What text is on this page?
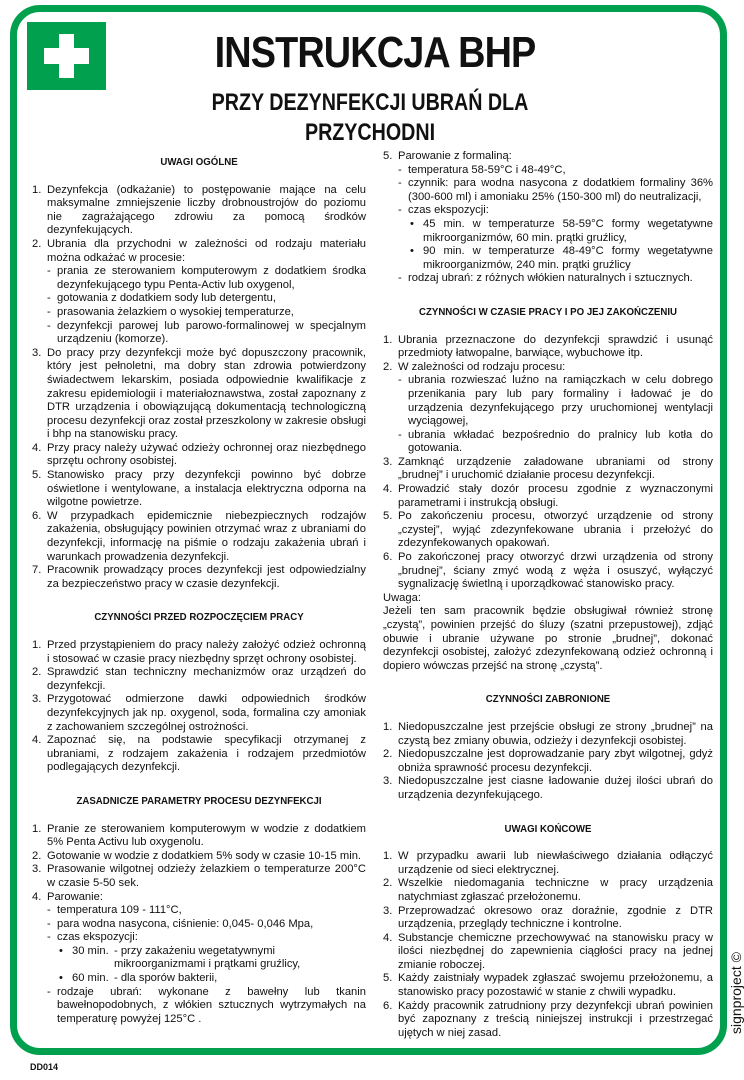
INSTRUKCJA BHP
PRZY DEZYNFEKCJI UBRAŃ DLA PRZYCHODNI
UWAGI OGÓLNE
1. Dezynfekcja (odkażanie) to postępowanie mające na celu maksymalne zmniejszenie liczby drobnoustrojów do poziomu nie zagrażającego zdrowiu za pomocą środków dezynfekujących.
2. Ubrania dla przychodni w zależności od rodzaju materiału można odkażać w procesie:
- prania ze sterowaniem komputerowym z dodatkiem środka dezynfekującego typu Penta-Activ lub oxygenol,
- gotowania z dodatkiem sody lub detergentu,
- prasowania żelazkiem o wysokiej temperaturze,
- dezynfekcji parowej lub parowo-formalinowej w specjalnym urządzeniu (komorze).
3. Do pracy przy dezynfekcji może być dopuszczony pracownik, który jest pełnoletni, ma dobry stan zdrowia potwierdzony świadectwem lekarskim, posiada odpowiednie kwalifikacje z zakresu epidemiologii i materiałoznawstwa, został zapoznany z DTR urządzenia i obowiązującą dokumentacją technologiczną procesu dezynfekcji oraz został przeszkolony w zakresie obsługi i bhp na stanowisku pracy.
4. Przy pracy należy używać odzieży ochronnej oraz niezbędnego sprzętu ochrony osobistej.
5. Stanowisko pracy przy dezynfekcji powinno być dobrze oświetlone i wentylowane, a instalacja elektryczna odporna na wilgotne powietrze.
6. W przypadkach epidemicznie niebezpiecznych rodzajów zakażenia, obsługujący powinien otrzymać wraz z ubraniami do dezynfekcji, informację na piśmie o rodzaju zakażenia ubrań i warunkach prowadzenia dezynfekcji.
7. Pracownik prowadzący proces dezynfekcji jest odpowiedzialny za bezpieczeństwo pracy w czasie dezynfekcji.
CZYNNOŚCI PRZED ROZPOCZĘCIEM PRACY
1. Przed przystąpieniem do pracy należy założyć odzież ochronną i stosować w czasie pracy niezbędny sprzęt ochrony osobistej.
2. Sprawdzić stan techniczny mechanizmów oraz urządzeń do dezynfekcji.
3. Przygotować odmierzone dawki odpowiednich środków dezynfekcyjnych jak np. oxygenol, soda, formalina czy amoniak z zachowaniem szczególnej ostrożności.
4. Zapoznać się, na podstawie specyfikacji otrzymanej z ubraniami, z rodzajem zakażenia i rodzajem przedmiotów podlegających dezynfekcji.
ZASADNICZE PARAMETRY PROCESU DEZYNFEKCJI
1. Pranie ze sterowaniem komputerowym w wodzie z dodatkiem 5% Penta Activu lub oxygenolu.
2. Gotowanie w wodzie z dodatkiem 5% sody w czasie 10-15 min.
3. Prasowanie wilgotnej odzieży żelazkiem o temperaturze 200°C w czasie 5-50 sek.
4. Parowanie:
- temperatura 109 - 111°C,
- para wodna nasycona, ciśnienie: 0,045- 0,046 Mpa,
- czas ekspozycji:
• 30 min. - przy zakażeniu wegetatywnymi mikroorganizmami i prątkami gruźlicy,
• 60 min. - dla sporów bakterii,
- rodzaje ubrań: wykonane z bawełny lub tkanin bawełnopodobnych, z włókien sztucznych wytrzymałych na temperaturę powyżej 125°C .
5. Parowanie z formaliną:
- temperatura 58-59°C i 48-49°C,
- czynnik: para wodna nasycona z dodatkiem formaliny 36% (300-600 ml) i amoniaku 25% (150-300 ml) do neutralizacji,
- czas ekspozycji:
• 45 min. w temperaturze 58-59°C formy wegetatywne mikroorganizmów, 60 min. prątki gruźlicy,
• 90 min. w temperaturze 48-49°C formy wegetatywne mikroorganizmów, 240 min. prątki gruźlicy
- rodzaj ubrań: z różnych włókien naturalnych i sztucznych.
CZYNNOŚCI W CZASIE PRACY I PO JEJ ZAKOŃCZENIU
1. Ubrania przeznaczone do dezynfekcji sprawdzić i usunąć przedmioty łatwopalne, barwiące, wybuchowe itp.
2. W zależności od rodzaju procesu:
- ubrania rozwieszać luźno na ramiączkach w celu dobrego przenikania pary lub pary formaliny i ładować je do urządzenia dezynfekującego przy uruchomionej wentylacji wyciągowej,
- ubrania wkładać bezpośrednio do pralnicy lub kotła do gotowania.
3. Zamknąć urządzenie załadowane ubraniami od strony „brudnej” i uruchomić działanie procesu dezynfekcji.
4. Prowadzić stały dozór procesu zgodnie z wyznaczonymi parametrami i instrukcją obsługi.
5. Po zakończeniu procesu, otworzyć urządzenie od strony „czystej”, wyjąć zdezynfekowane ubrania i przełożyć do zdezynfekowanych opakowań.
6. Po zakończonej pracy otworzyć drzwi urządzenia od strony „brudnej”, ściany zmyć wodą z węża i osuszyć, wyłączyć sygnalizację świetlną i uporządkować stanowisko pracy.
Uwaga:
Jeżeli ten sam pracownik będzie obsługiwał również stronę „czystą”, powinien przejść do śluzy (szatni przepustowej), zdjąć obuwie i ubranie używane po stronie „brudnej”, dokonać dezynfekcji osobistej, założyć zdezynfekowaną odzież ochronną i dopiero wówczas przejść na stronę „czystą”.
CZYNNOŚCI ZABRONIONE
1. Niedopuszczalne jest przejście obsługi ze strony „brudnej” na czystą bez zmiany obuwia, odzieży i dezynfekcji osobistej.
2. Niedopuszczalne jest doprowadzanie pary zbyt wilgotnej, gdyż obniża sprawność procesu dezynfekcji.
3. Niedopuszczalne jest ciasne ładowanie dużej ilości ubrań do urządzenia dezynfekującego.
UWAGI KOŃCOWE
1. W przypadku awarii lub niewłaściwego działania odłączyć urządzenie od sieci elektrycznej.
2. Wszelkie niedomagania techniczne w pracy urządzenia natychmiast zgłaszać przełożonemu.
3. Przeprowadzać okresowo oraz doraźnie, zgodnie z DTR urządzenia, przeglądy techniczne i kontrolne.
4. Substancje chemiczne przechowywać na stanowisku pracy w ilości niezbędnej do zapewnienia ciągłości pracy na jednej zmianie roboczej.
5. Każdy zaistniały wypadek zgłaszać swojemu przełożonemu, a stanowisko pracy pozostawić w stanie z chwili wypadku.
6. Każdy pracownik zatrudniony przy dezynfekcji ubrań powinien być zapoznany z treścią niniejszej instrukcji i przestrzegać ujętych w niej zasad.
DD014
signproject ©
